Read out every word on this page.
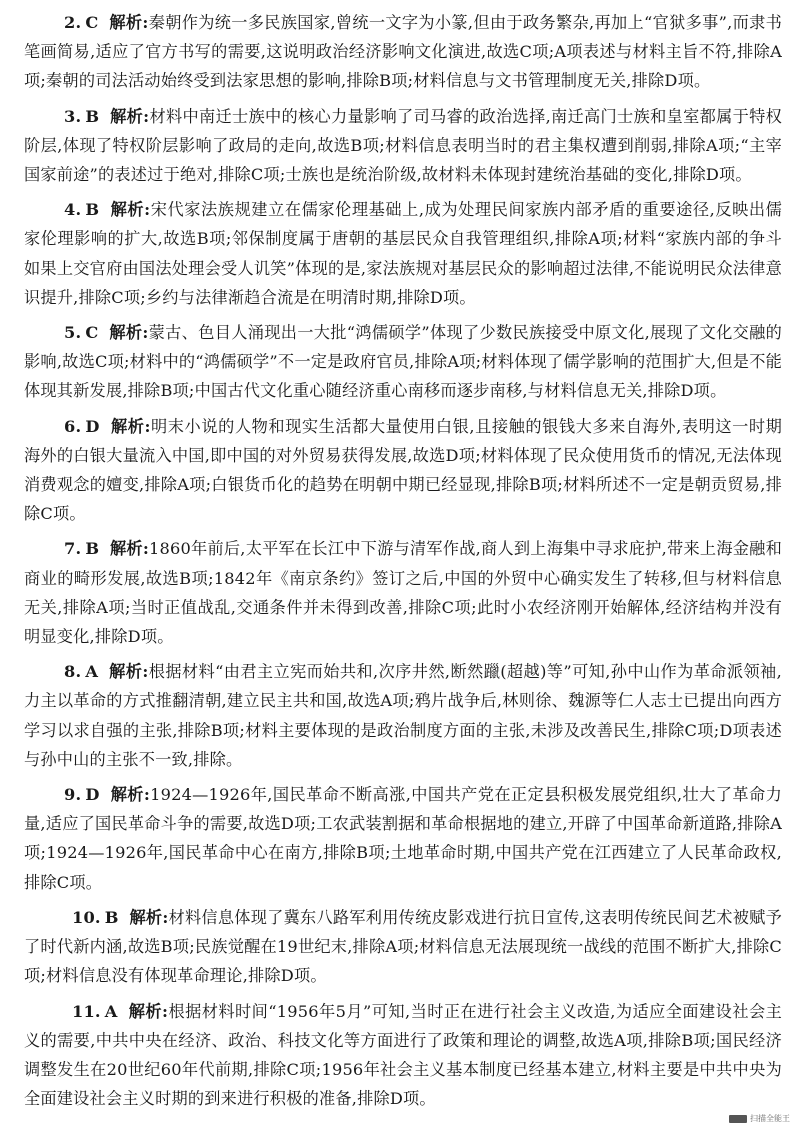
2. C 解析:秦朝作为统一多民族国家,曾统一文字为小篆,但由于政务繁杂,再加上“官狱多事”,而隶书笔画简易,适应了官方书写的需要,这说明政治经济影响文化演进,故选C项;A项表述与材料主旨不符,排除A项;秦朝的司法活动始终受到法家思想的影响,排除B项;材料信息与文书管理制度无关,排除D项。
3. B 解析:材料中南迁士族中的核心力量影响了司马睿的政治选择,南迁高门士族和皇室都属于特权阶层,体现了特权阶层影响了政局的走向,故选B项;材料信息表明当时的君主集权遭到削弱,排除A项;“主宰国家前途”的表述过于绝对,排除C项;士族也是统治阶级,故材料未体现封建统治基础的变化,排除D项。
4. B 解析:宋代家法族规建立在儒家伦理基础上,成为处理民间家族内部矛盾的重要途径,反映出儒家伦理影响的扩大,故选B项;邻保制度属于唐朝的基层民众自我管理组织,排除A项;材料“家族内部的争斗如果上交官府由国法处理会受人讥笑”体现的是,家法族规对基层民众的影响超过法律,不能说明民众法律意识提升,排除C项;乡约与法律渐趋合流是在明清时期,排除D项。
5. C 解析:蒙古、色目人涌现出一大批“鸿儒硕学”体现了少数民族接受中原文化,展现了文化交融的影响,故选C项;材料中的“鸿儒硕学”不一定是政府官员,排除A项;材料体现了儒学影响的范围扩大,但是不能体现其新发展,排除B项;中国古代文化重心随经济重心南移而逐步南移,与材料信息无关,排除D项。
6. D 解析:明末小说的人物和现实生活都大量使用白银,且接触的银钱大多来自海外,表明这一时期海外的白银大量流入中国,即中国的对外贸易获得发展,故选D项;材料体现了民众使用货币的情况,无法体现消费观念的嬗变,排除A项;白银货币化的趋势在明朝中期已经显现,排除B项;材料所述不一定是朝贡贸易,排除C项。
7. B 解析:1860年前后,太平军在长江中下游与清军作战,商人到上海集中寻求庇护,带来上海金融和商业的畸形发展,故选B项;1842年《南京条约》签订之后,中国的外贸中心确实发生了转移,但与材料信息无关,排除A项;当时正值战乱,交通条件并未得到改善,排除C项;此时小农经济刚开始解体,经济结构并没有明显变化,排除D项。
8. A 解析:根据材料“由君主立宪而始共和,次序井然,断然躐(超越)等”可知,孙中山作为革命派领袖,力主以革命的方式推翻清朝,建立民主共和国,故选A项;鸦片战争后,林则徐、魏源等仁人志士已提出向西方学习以求自强的主张,排除B项;材料主要体现的是政治制度方面的主张,未涉及改善民生,排除C项;D项表述与孙中山的主张不一致,排除。
9. D 解析:1924—1926年,国民革命不断高涨,中国共产党在正定县积极发展党组织,壮大了革命力量,适应了国民革命斗争的需要,故选D项;工农武装割据和革命根据地的建立,开辟了中国革命新道路,排除A项;1924—1926年,国民革命中心在南方,排除B项;土地革命时期,中国共产党在江西建立了人民革命政权,排除C项。
10. B 解析:材料信息体现了冀东八路军利用传统皮影戏进行抗日宣传,这表明传统民间艺术被赋予了时代新内涵,故选B项;民族觉醒在19世纪末,排除A项;材料信息无法展现统一战线的范围不断扩大,排除C项;材料信息没有体现革命理论,排除D项。
11. A 解析:根据材料时间“1956年5月”可知,当时正在进行社会主义改造,为适应全面建设社会主义的需要,中共中央在经济、政治、科技文化等方面进行了政策和理论的调整,故选A项,排除B项;国民经济调整发生在20世纪60年代前期,排除C项;1956年社会主义基本制度已经基本建立,材料主要是中共中央为全面建设社会主义时期的到来进行积极的准备,排除D项。
扫描全能王
